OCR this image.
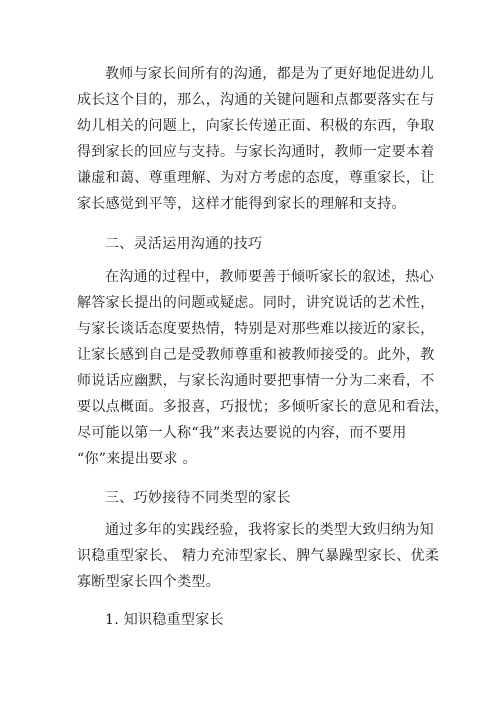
教师与家长间所有的沟通，都是为了更好地促进幼儿
成长这个目的，那么，沟通的关键问题和点都要落实在与
幼儿相关的问题上，向家长传递正面、积极的东西，争取
得到家长的回应与支持。与家长沟通时，教师一定要本着
谦虚和蔼、尊重理解、为对方考虑的态度，尊重家长，让
家长感觉到平等，这样才能得到家长的理解和支持。
二、灵活运用沟通的技巧
在沟通的过程中，教师要善于倾听家长的叙述，热心
解答家长提出的问题或疑虑。同时，讲究说话的艺术性，
与家长谈话态度要热情，特别是对那些难以接近的家长，
让家长感到自己是受教师尊重和被教师接受的。此外，教
师说话应幽默，与家长沟通时要把事情一分为二来看，不
要以点概面。多报喜，巧报忧；多倾听家长的意见和看法，
尽可能以第一人称“我”来表达要说的内容，而不要用
“你”来提出要求 。
三、巧妙接待不同类型的家长
通过多年的实践经验，我将家长的类型大致归纳为知
识稳重型家长、 精力充沛型家长、脾气暴躁型家长、优柔
寡断型家长四个类型。
1. 知识稳重型家长
